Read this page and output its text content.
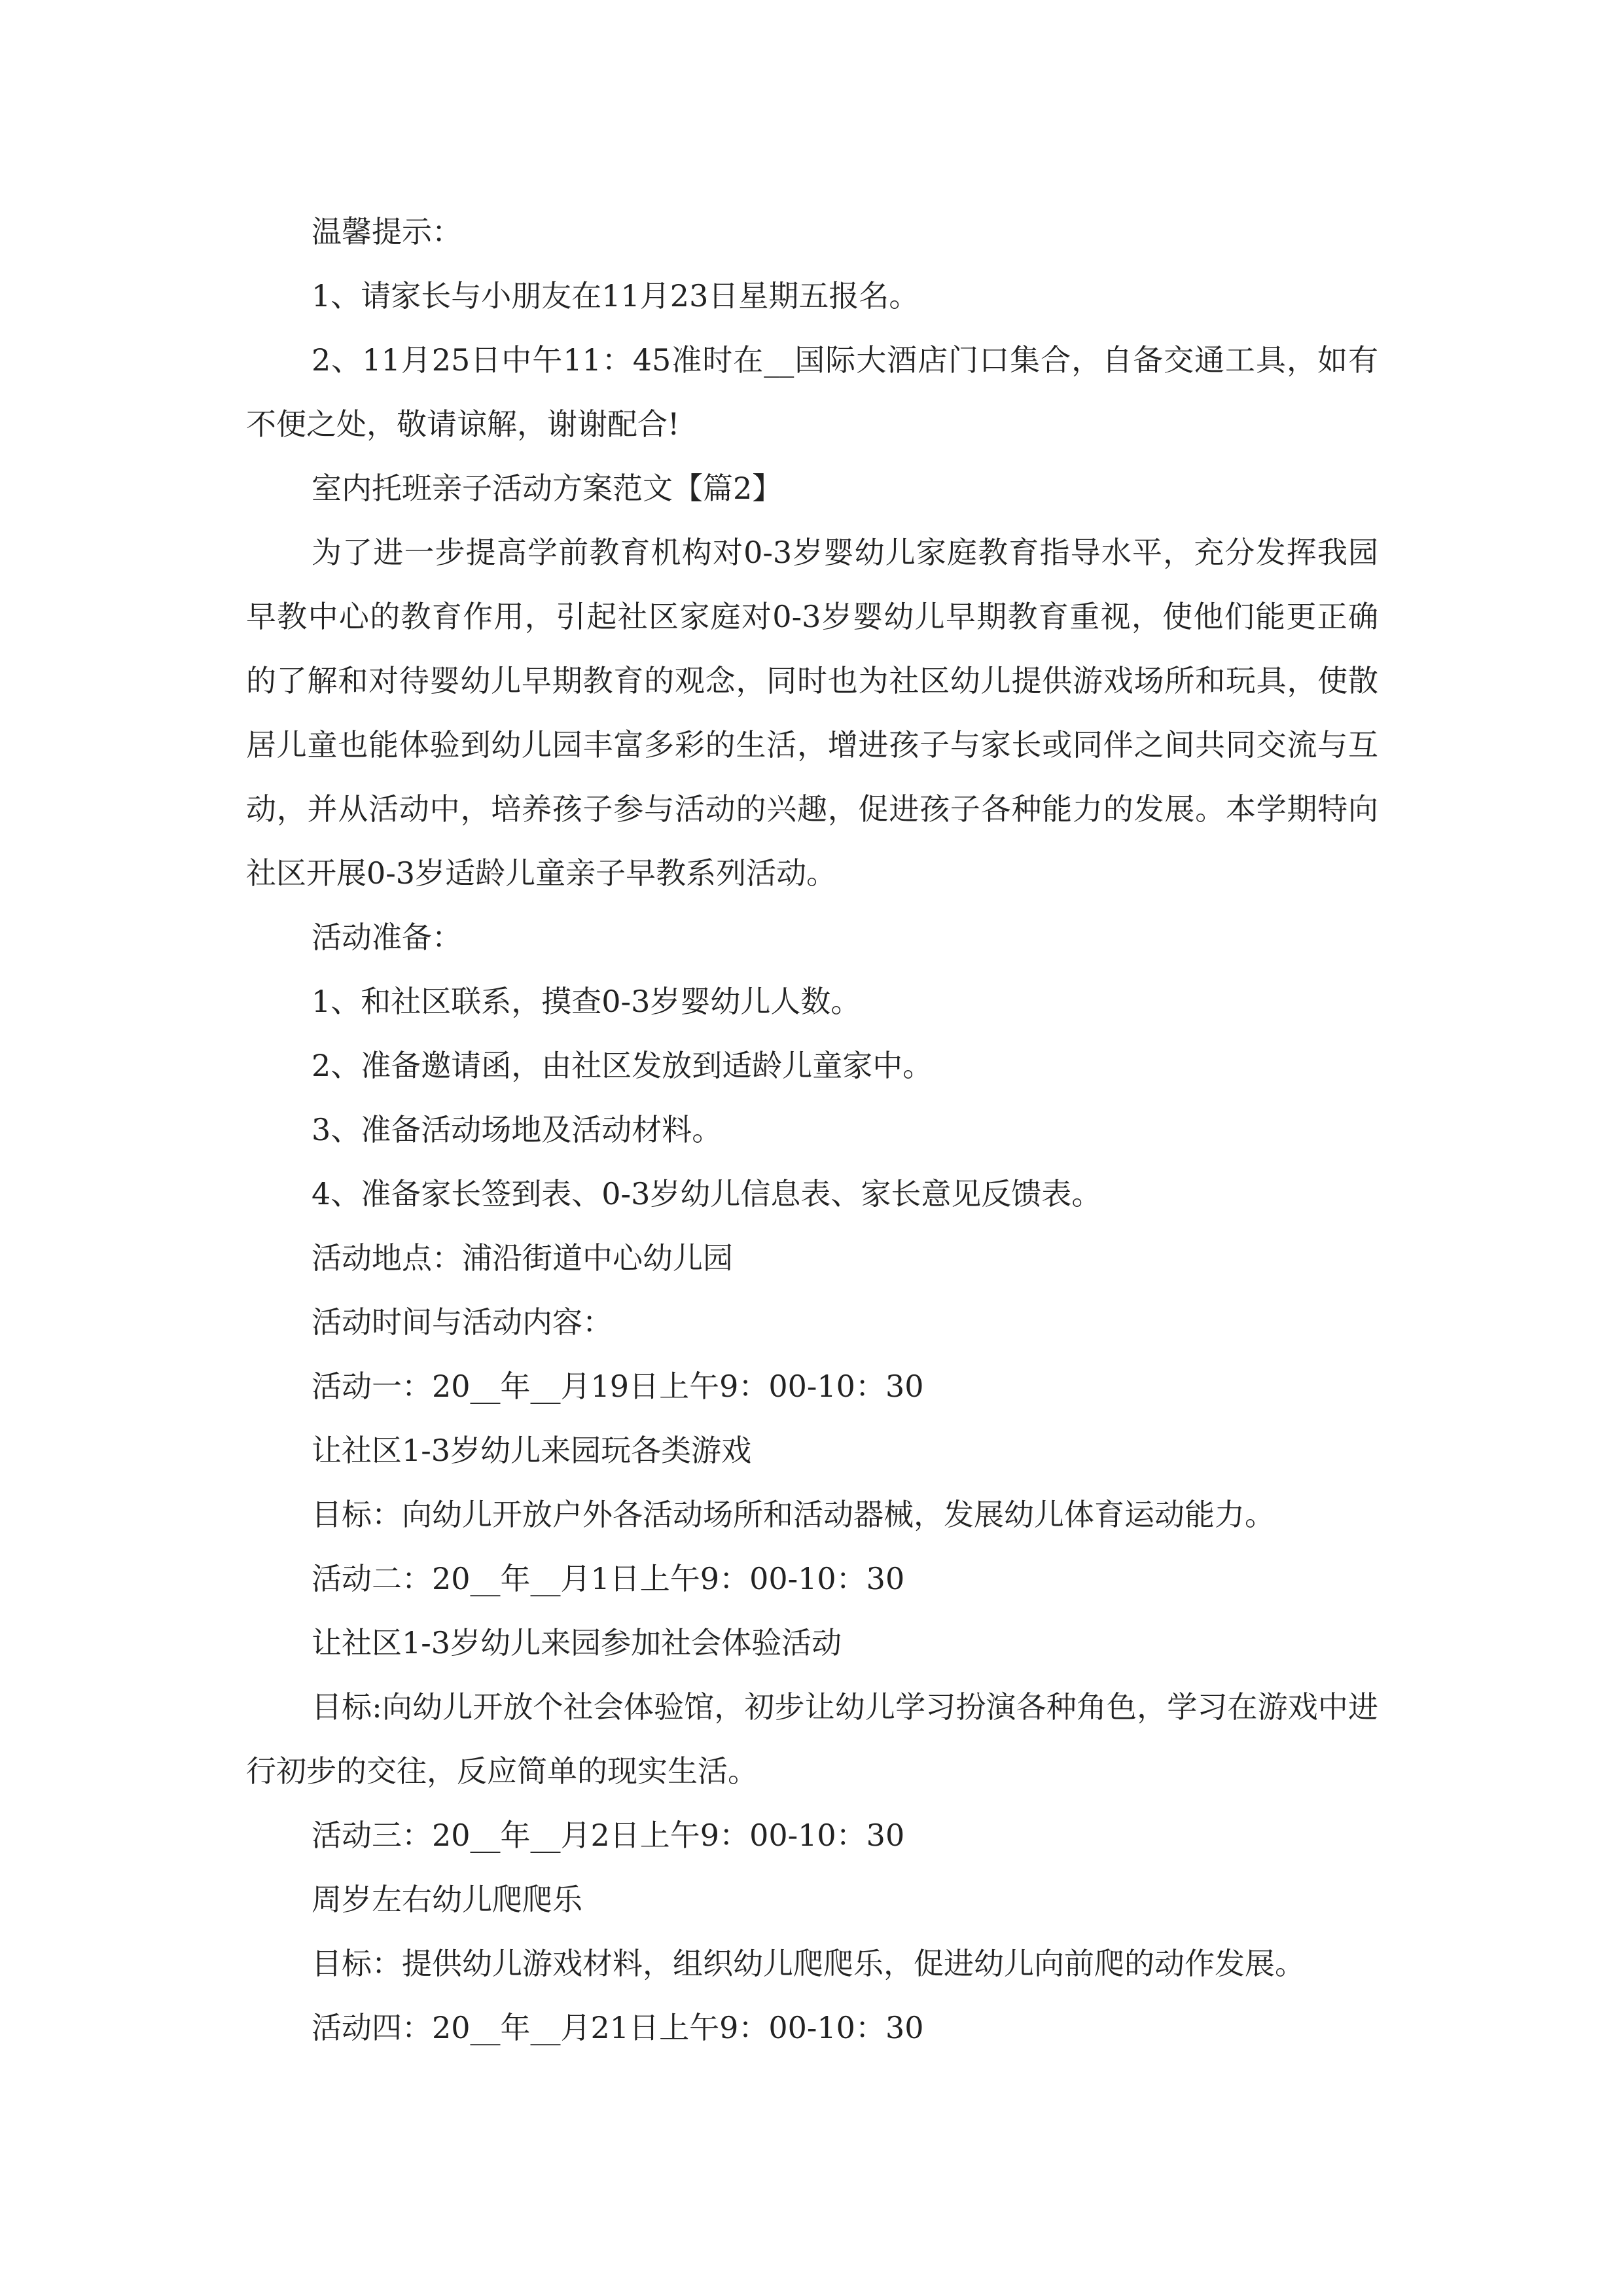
温馨提示：

1、请家长与小朋友在11月23日星期五报名。

2、11月25日中午11：45准时在__国际大酒店门口集合，自备交通工具，如有不便之处，敬请谅解，谢谢配合!

室内托班亲子活动方案范文【篇2】

为了进一步提高学前教育机构对0-3岁婴幼儿家庭教育指导水平，充分发挥我园早教中心的教育作用，引起社区家庭对0-3岁婴幼儿早期教育重视，使他们能更正确的了解和对待婴幼儿早期教育的观念，同时也为社区幼儿提供游戏场所和玩具，使散居儿童也能体验到幼儿园丰富多彩的生活，增进孩子与家长或同伴之间共同交流与互动，并从活动中，培养孩子参与活动的兴趣，促进孩子各种能力的发展。本学期特向社区开展0-3岁适龄儿童亲子早教系列活动。

活动准备：

1、和社区联系，摸查0-3岁婴幼儿人数。

2、准备邀请函，由社区发放到适龄儿童家中。

3、准备活动场地及活动材料。

4、准备家长签到表、0-3岁幼儿信息表、家长意见反馈表。

活动地点：浦沿街道中心幼儿园

活动时间与活动内容：

活动一：20__年__月19日上午9：00-10：30

让社区1-3岁幼儿来园玩各类游戏

目标：向幼儿开放户外各活动场所和活动器械，发展幼儿体育运动能力。

活动二：20__年__月1日上午9：00-10：30

让社区1-3岁幼儿来园参加社会体验活动

目标:向幼儿开放个社会体验馆，初步让幼儿学习扮演各种角色，学习在游戏中进行初步的交往，反应简单的现实生活。

活动三：20__年__月2日上午9：00-10：30

周岁左右幼儿爬爬乐

目标：提供幼儿游戏材料，组织幼儿爬爬乐，促进幼儿向前爬的动作发展。

活动四：20__年__月21日上午9：00-10：30
